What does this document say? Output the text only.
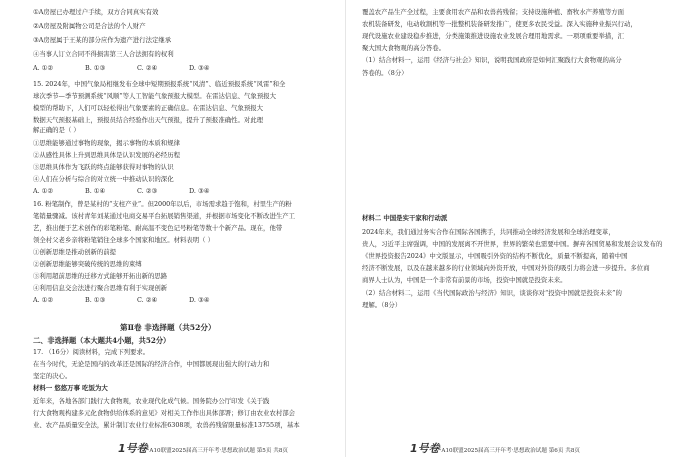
①A房屋已办理过户手续，双方合同真实有效
②A房屋及附属物公司是合法的个人财产
③A房屋属于王某的部分应作为遗产进行法定继承
④当事人订立合同不得损害第三人合法拥有的权利
A. ①②	B. ①③	C. ②④	D. ③④
15. 2024年，中国气象局相继发布全球中短期预报系统“风清”、临近预报系统“风雷”和全
球次季节—季节预测系统“风顺”等人工智能气象预报大模型。在雷达信息、气象预报大
模型的帮助下，人们可以轻松得出气象要素的正确信息。在雷达信息、气象预报大
数据天气预报基础上，预报员结合经验作出天气预报，提升了预报准确性。对此理
解正确的是（ ）
①思维能够通过事物的现象，揭示事物的本质和规律
②从感性具体上升到思维具体是认识发展的必经历程
③思维具体作为飞跃的终点能够获得对事物的认识
④人们在分析与综合的对立统一中推动认识的深化
A. ①②	B. ①④	C. ②③	D. ③④
16. 粉笔制作，曾是某村的“支柱产业”。但2000年以后，市场需求趋于饱和，村里生产的粉
笔销量骤减。该村青年刘某通过电商交易平台拓展销售渠道，并根据市场变化不断改进生产工
艺，推出便于艺术创作的彩笔粉笔、耐高温不变色记号粉笔等数十个新产品。现在，他带
领全村父老乡亲将粉笔销往全球多个国家和地区。材料表明（ ）
①创新思维是推动创新的前提
②创新思维能够突破传统的思维的束缚
③利用超前思维的迁移方式能够开拓出新的思路
④利用信息交会法进行聚合思维有利于实现创新
A. ①②	B. ①③	C. ②④	D. ③④
第Ⅱ卷 非选择题（共52分）
二、非选择题（本大题共4小题，共52分）
17. （16分）阅读材料，完成下列要求。
在当今时代，无论是国内的改革还是国际的经济合作，中国都展现出强大的行动力和
坚定的决心。
材料一 悠悠万事 吃饭为大
近年来，各地各部门践行大食物观，农业现代化成气候。国务院办公厅印发《关于践
行大食物观构建多元化食物供给体系的意见》对相关工作作出具体部署；修订由农业农村部会
业、农产品质量安全法，累计制订农业行业标准6308项，农兽药残留限量标准13755项，基本
1号卷·A10联盟2025届高三开年考·思想政治试题 第5页 共8页
覆盖农产品生产全过程，主要食用农产品和农兽药残留；支持设施种植、畜牧水产养殖等方面
农机装备研发，电动收割机等一批整机装备研发推广，使更多农民受益。深入实施种业振兴行动，
现代设施农业建设稳步推进，分类施策推进设施农业发展合理用地需求。一项项重要举措，汇
聚大国大食物观的高分答卷。
（1）结合材料一，运用《经济与社会》知识，说明我国政府是如何汇聚践行大食物观的高分
答卷的。（8分）
材料二 中国是实干家和行动派
2024年来，我们通过务实合作在国际各国携手，共同推动全球经济发展和全球治理变革，
贵人，习近平主席强调，中国的发展离不开世界，世界的繁荣也需要中国。摒弃各国贸易和发展会议发布的
《世界投资报告2024》中文版显示，中国吸引外资的结构不断优化，质量不断提高，随着中国
经济不断发展，以及在越来越多的行业领域向外资开放，中国对外资的吸引力将会进一步提升。多位商
商界人士认为，中国是一个非常有前景的市场，投资中国就是投资未来。
（2）结合材料二，运用《当代国际政治与经济》知识，谈谈你对“投资中国就是投资未来”的
理解。（8分）
1号卷·A10联盟2025届高三开年考·思想政治试题 第6页 共8页
